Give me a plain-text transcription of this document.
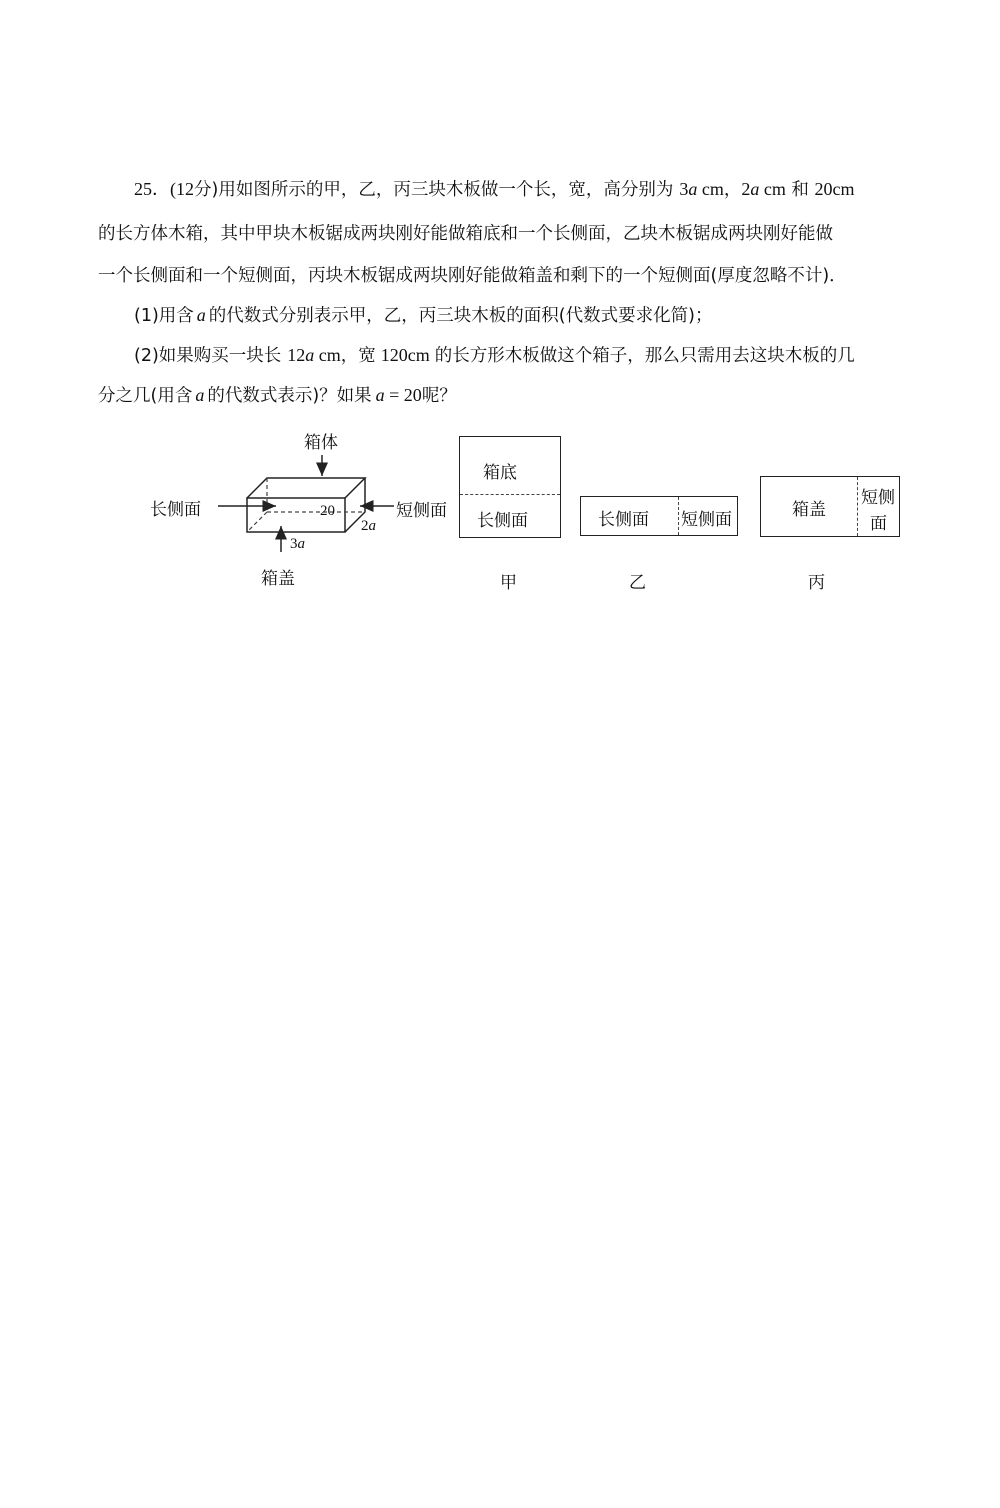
25．(12分)用如图所示的甲，乙，丙三块木板做一个长，宽，高分别为 3a cm，2a cm 和 20cm
的长方体木箱，其中甲块木板锯成两块刚好能做箱底和一个长侧面，乙块木板锯成两块刚好能做
一个长侧面和一个短侧面，丙块木板锯成两块刚好能做箱盖和剩下的一个短侧面(厚度忽略不计)．
(1)用含 a 的代数式分别表示甲，乙，丙三块木板的面积(代数式要求化简)；
(2)如果购买一块长 12a cm，宽 120cm 的长方形木板做这个箱子，那么只需用去这块木板的几
分之几(用含 a 的代数式表示)？如果 a = 20呢？
箱体
长侧面	短侧面
箱盖
20
2a
3a
箱底
长侧面
甲
长侧面 短侧面
乙
箱盖
短侧
面
丙
